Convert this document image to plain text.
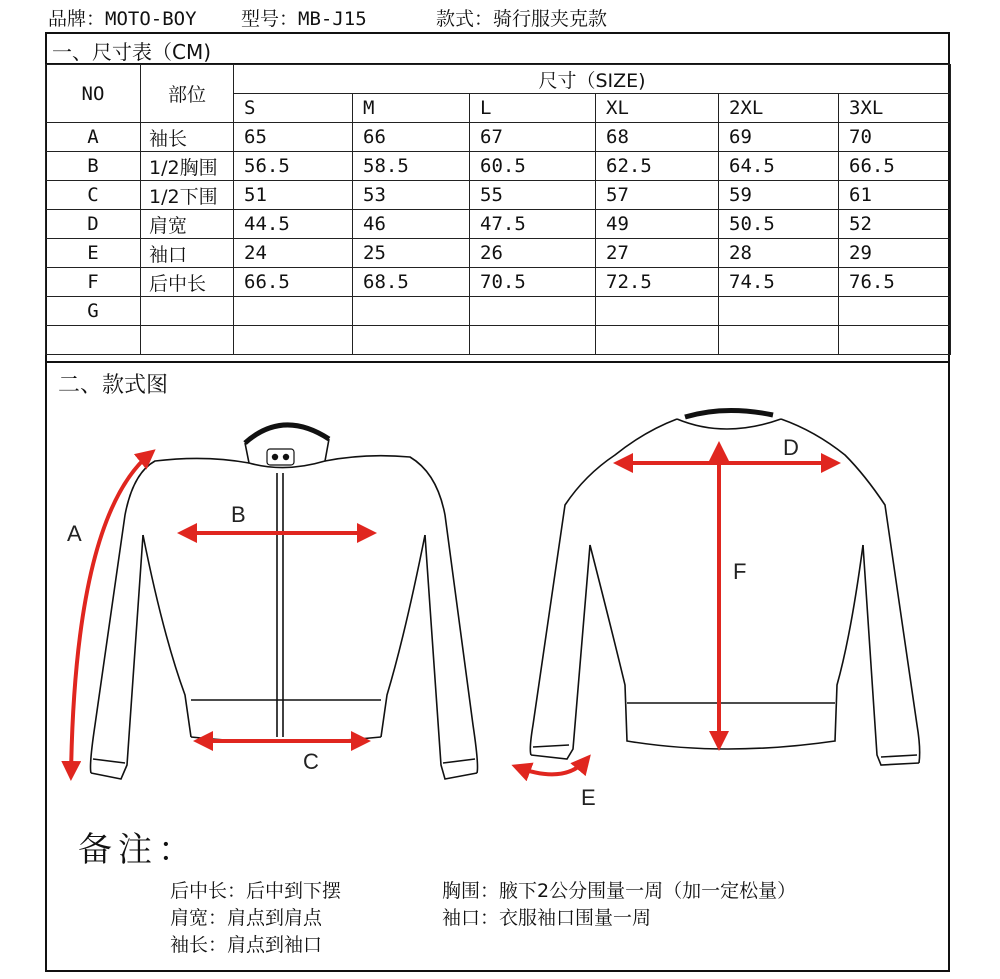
品牌：MOTO-BOY 型号：MB-J15	款式：骑行服夹克款
一、尺寸表（CM)
NO	部位	尺寸（SIZE)					
		S	M	L	XL	2XL	3XL
A	袖长	65	66	67	68	69	70
B	1/2胸围	56.5	58.5	60.5	62.5	64.5	66.5
C	1/2下围	51	53	55	57	59	61
D	肩宽	44.5	46	47.5	49	50.5	52
E	袖口	24	25	26	27	28	29
F	后中长	66.5	68.5	70.5	72.5	74.5	76.5
G							

二、款式图
A
B
C
D
E
F
备注：
后中长：后中到下摆	胸围：腋下2公分围量一周（加一定松量）
肩宽：肩点到肩点	袖口：衣服袖口围量一周
袖长：肩点到袖口
